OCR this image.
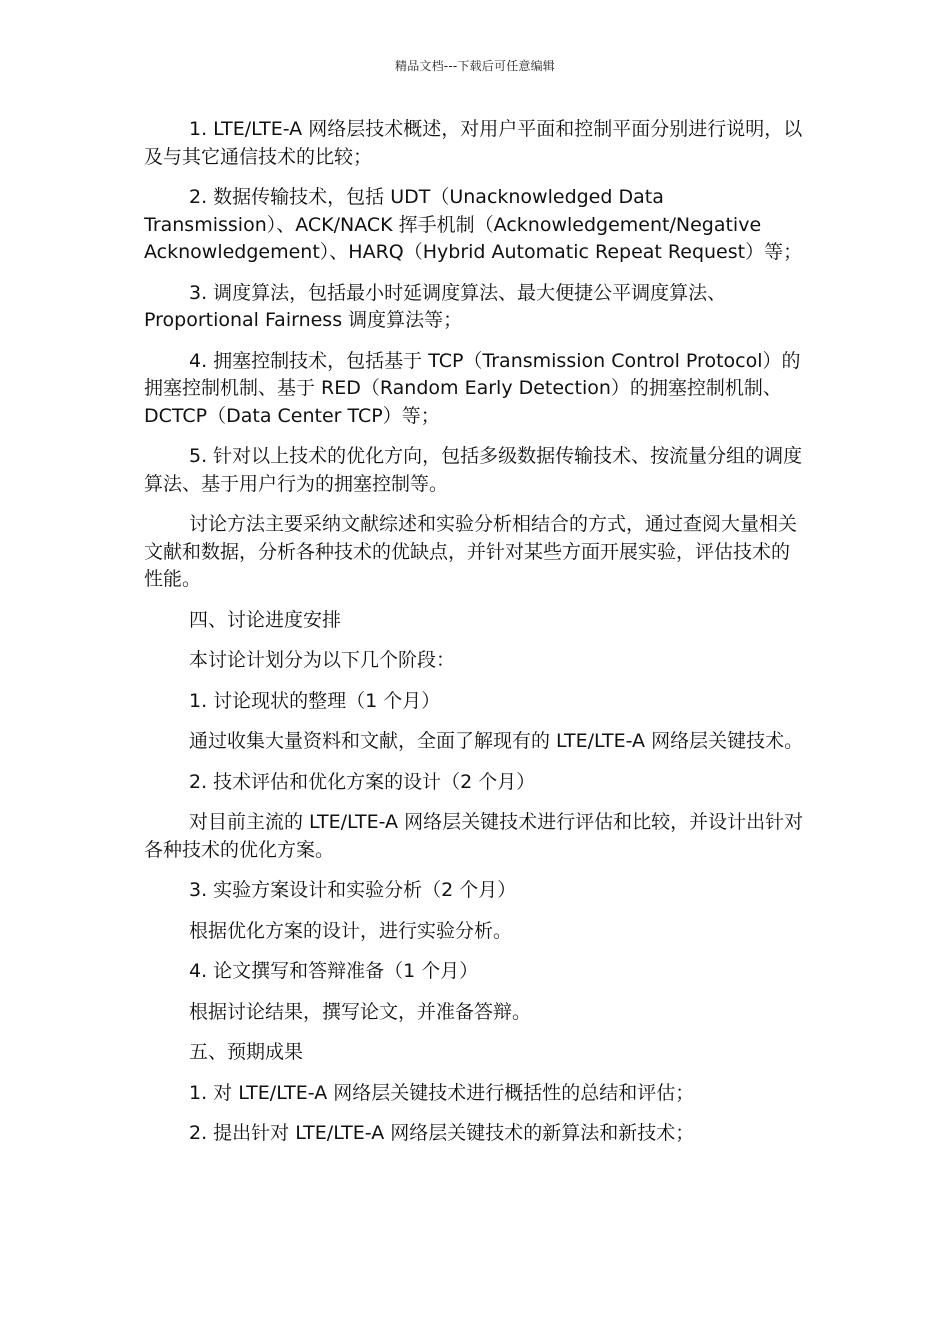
精品文档---下载后可任意编辑

1. LTE/LTE-A 网络层技术概述，对用户平面和控制平面分别进行说明，以及与其它通信技术的比较；

2. 数据传输技术，包括 UDT（Unacknowledged Data Transmission）、ACK/NACK 挥手机制（Acknowledgement/Negative Acknowledgement）、HARQ（Hybrid Automatic Repeat Request）等；

3. 调度算法，包括最小时延调度算法、最大便捷公平调度算法、Proportional Fairness 调度算法等；

4. 拥塞控制技术，包括基于 TCP（Transmission Control Protocol）的拥塞控制机制、基于 RED（Random Early Detection）的拥塞控制机制、DCTCP（Data Center TCP）等；

5. 针对以上技术的优化方向，包括多级数据传输技术、按流量分组的调度算法、基于用户行为的拥塞控制等。

讨论方法主要采纳文献综述和实验分析相结合的方式，通过查阅大量相关文献和数据，分析各种技术的优缺点，并针对某些方面开展实验，评估技术的性能。

四、讨论进度安排

本讨论计划分为以下几个阶段：

1. 讨论现状的整理（1 个月）

通过收集大量资料和文献，全面了解现有的 LTE/LTE-A 网络层关键技术。

2. 技术评估和优化方案的设计（2 个月）

对目前主流的 LTE/LTE-A 网络层关键技术进行评估和比较，并设计出针对各种技术的优化方案。

3. 实验方案设计和实验分析（2 个月）

根据优化方案的设计，进行实验分析。

4. 论文撰写和答辩准备（1 个月）

根据讨论结果，撰写论文，并准备答辩。

五、预期成果

1. 对 LTE/LTE-A 网络层关键技术进行概括性的总结和评估；

2. 提出针对 LTE/LTE-A 网络层关键技术的新算法和新技术；
